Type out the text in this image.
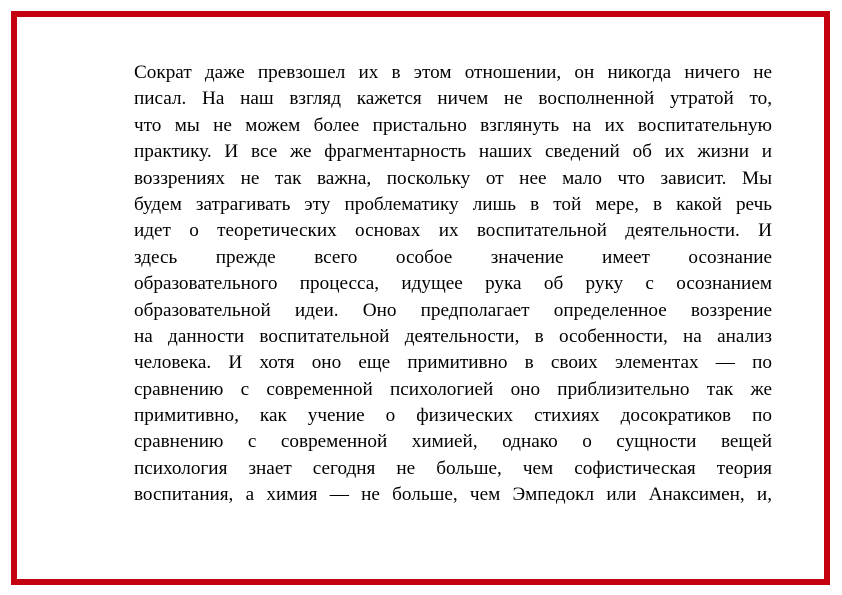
Сократ даже превзошел их в этом отношении, он никогда ничего не
писал. На наш взгляд кажется ничем не восполненной утратой то,
что мы не можем более пристально взглянуть на их воспитательную
практику. И все же фрагментарность наших сведений об их жизни и
воззрениях не так важна, поскольку от нее мало что зависит. Мы
будем затрагивать эту проблематику лишь в той мере, в какой речь
идет о теоретических основах их воспитательной деятельности. И
здесь прежде всего особое значение имеет осознание
образовательного процесса, идущее рука об руку с осознанием
образовательной идеи. Оно предполагает определенное воззрение
на данности воспитательной деятельности, в особенности, на анализ
человека. И хотя оно еще примитивно в своих элементах — по
сравнению с современной психологией оно приблизительно так же
примитивно, как учение о физических стихиях досократиков по
сравнению с современной химией, однако о сущности вещей
психология знает сегодня не больше, чем софистическая теория
воспитания, а химия — не больше, чем Эмпедокл или Анаксимен, и,
